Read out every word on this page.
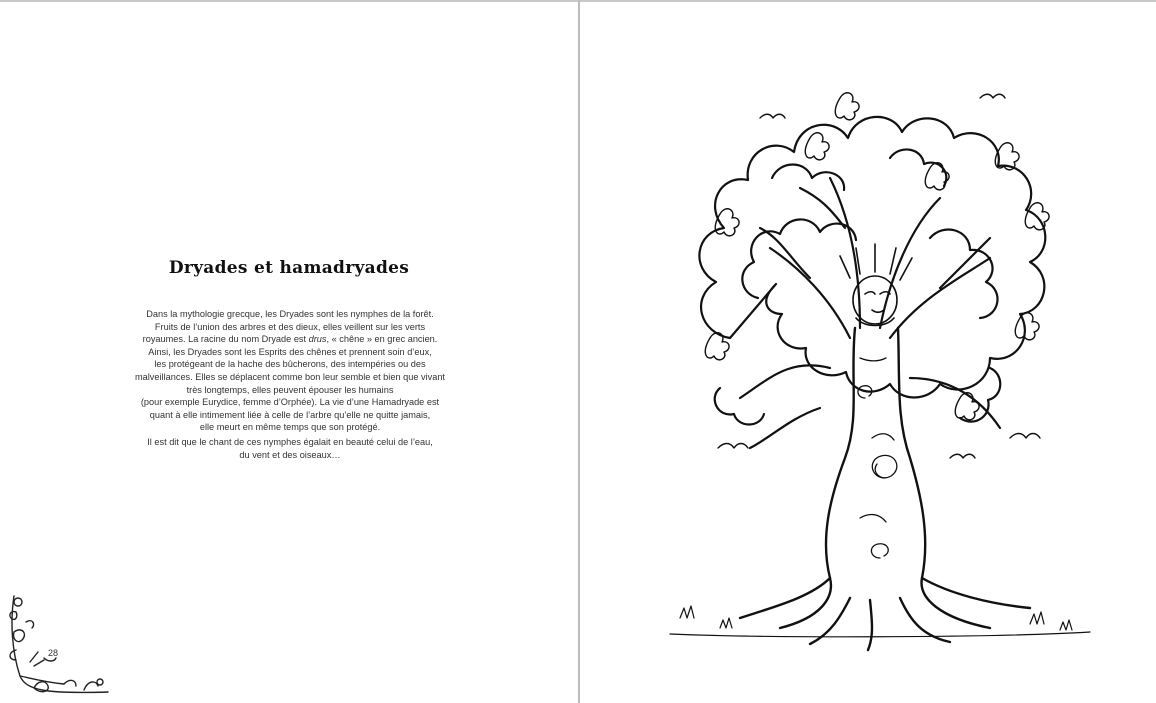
Dryades et hamadryades
Dans la mythologie grecque, les Dryades sont les nymphes de la forêt.
Fruits de l’union des arbres et des dieux, elles veillent sur les verts
royaumes. La racine du nom Dryade est drus, « chêne » en grec ancien.
Ainsi, les Dryades sont les Esprits des chênes et prennent soin d’eux,
les protégeant de la hache des bûcherons, des intempéries ou des
malveillances. Elles se déplacent comme bon leur semble et bien que vivant
très longtemps, elles peuvent épouser les humains
(pour exemple Eurydice, femme d’Orphée). La vie d’une Hamadryade est
quant à elle intimement liée à celle de l’arbre qu’elle ne quitte jamais,
elle meurt en même temps que son protégé.
Il est dit que le chant de ces nymphes égalait en beauté celui de l’eau,
du vent et des oiseaux…
28
